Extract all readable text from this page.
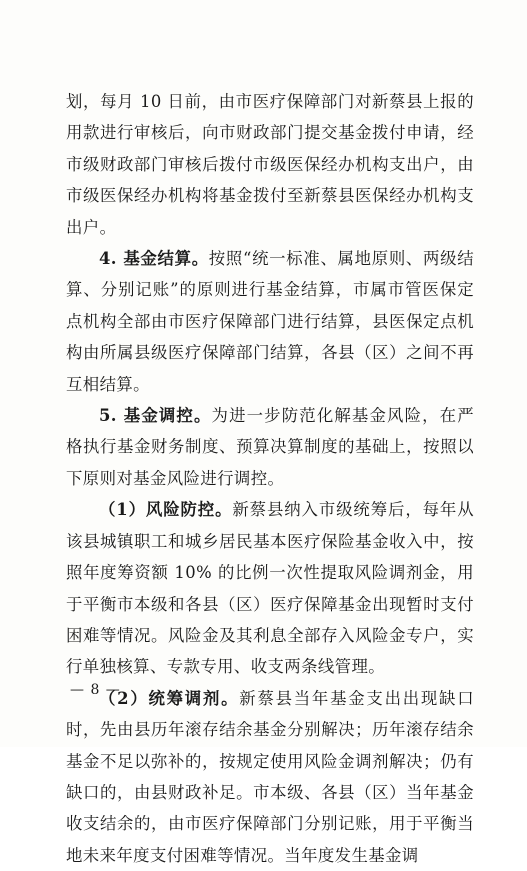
划，每月 10 日前，由市医疗保障部门对新蔡县上报的用款进行审核后，向市财政部门提交基金拨付申请，经市级财政部门审核后拨付市级医保经办机构支出户，由市级医保经办机构将基金拨付至新蔡县医保经办机构支出户。

4. 基金结算。按照“统一标准、属地原则、两级结算、分别记账”的原则进行基金结算，市属市管医保定点机构全部由市医疗保障部门进行结算，县医保定点机构由所属县级医疗保障部门结算，各县（区）之间不再互相结算。

5. 基金调控。为进一步防范化解基金风险，在严格执行基金财务制度、预算决算制度的基础上，按照以下原则对基金风险进行调控。

（1）风险防控。新蔡县纳入市级统筹后，每年从该县城镇职工和城乡居民基本医疗保险基金收入中，按照年度筹资额 10% 的比例一次性提取风险调剂金，用于平衡市本级和各县（区）医疗保障基金出现暂时支付困难等情况。风险金及其利息全部存入风险金专户，实行单独核算、专款专用、收支两条线管理。

（2）统筹调剂。新蔡县当年基金支出出现缺口时，先由县历年滚存结余基金分别解决；历年滚存结余基金不足以弥补的，按规定使用风险金调剂解决；仍有缺口的，由县财政补足。市本级、各县（区）当年基金收支结余的，由市医疗保障部门分别记账，用于平衡当地未来年度支付困难等情况。当年度发生基金调

— 8 —
